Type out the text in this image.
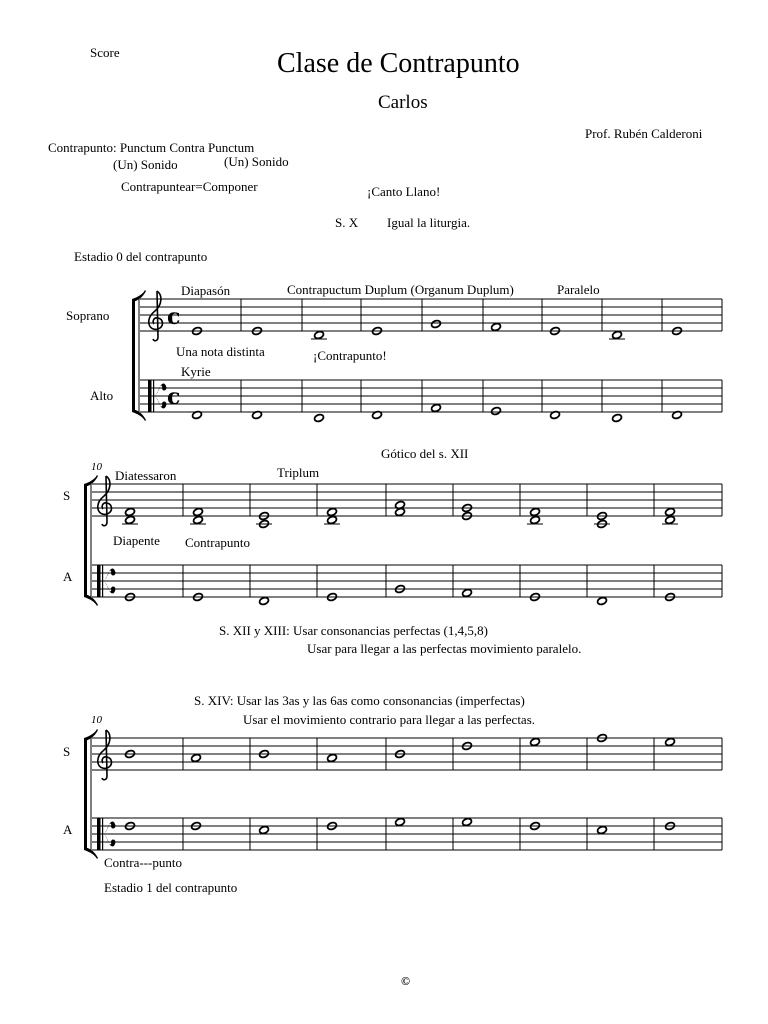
Score	Clase de Contrapunto
Carlos
Prof. Rubén Calderoni
Contrapunto: Punctum Contra Punctum
(Un) Sonido	(Un) Sonido
Contrapuntear=Componer	¡Canto Llano!
S. X Igual la liturgia.
Estadio 0 del contrapunto
Diapasón	Contrapuctum Duplum (Organum Duplum)	Paralelo
Soprano
Una nota distinta	¡Contrapunto!
Kyrie
Alto
Gótico del s. XII
10
Diatessaron	Triplum
S
Diapente Contrapunto
A
S. XII y XIII: Usar consonancias perfectas (1,4,5,8)
Usar para llegar a las perfectas movimiento paralelo.
S. XIV: Usar las 3as y las 6as como consonancias (imperfectas)
Usar el movimiento contrario para llegar a las perfectas.
10
S
A
Contra---punto
Estadio 1 del contrapunto
©
c
c
